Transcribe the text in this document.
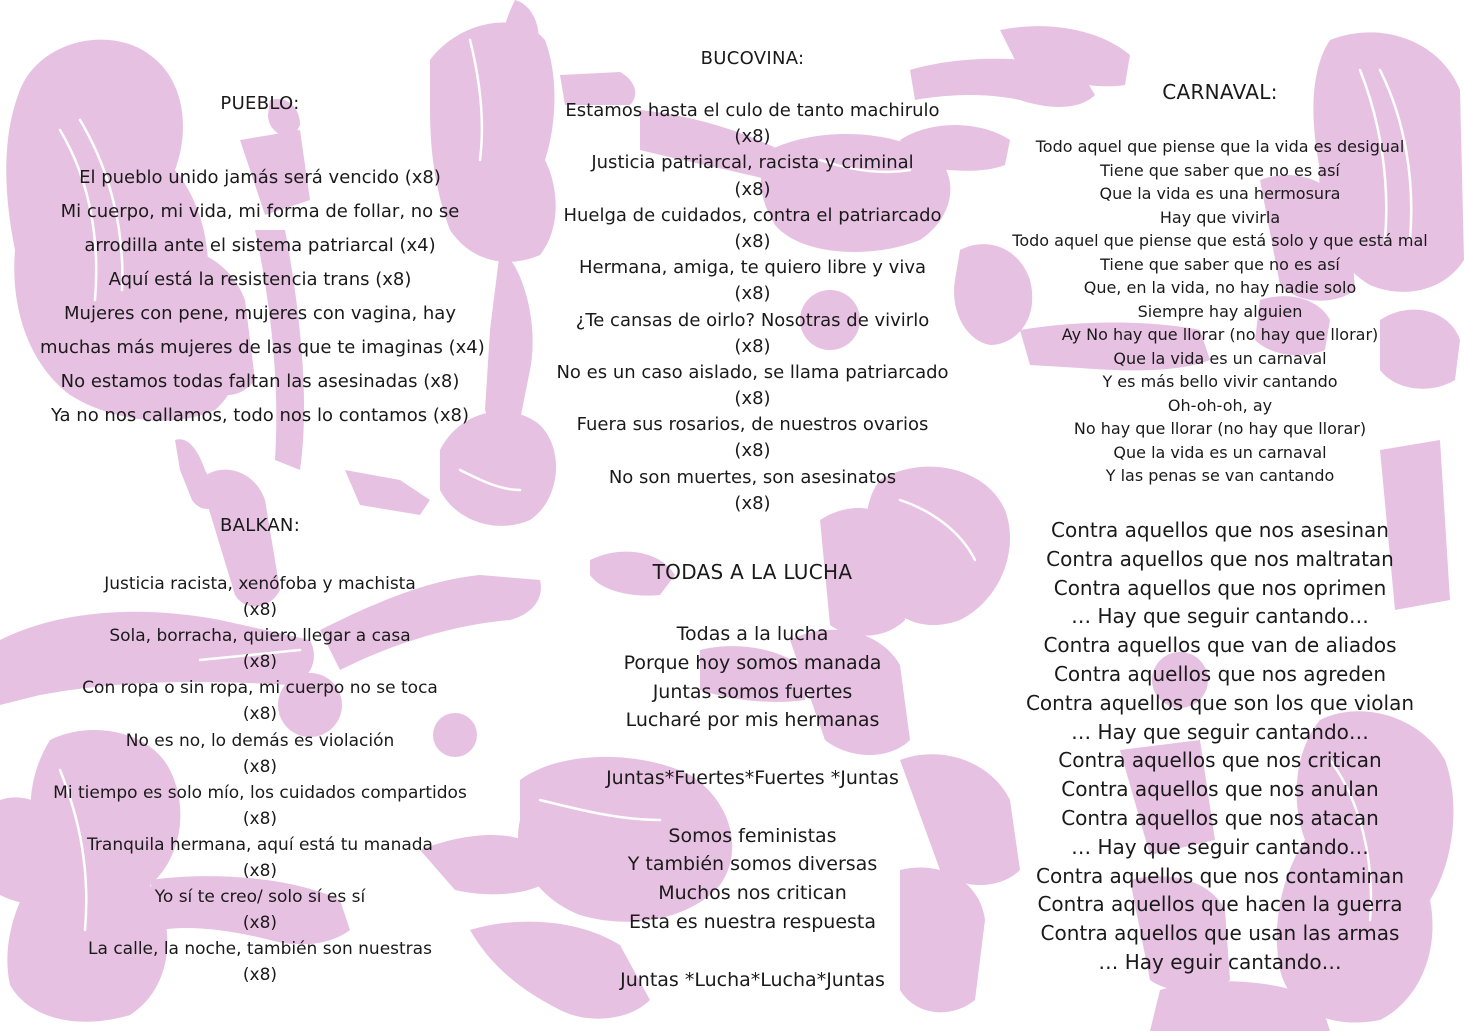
PUEBLO:
El pueblo unido jamás será vencido (x8)
Mi cuerpo, mi vida, mi forma de follar, no se
arrodilla ante el sistema patriarcal (x4)
Aquí está la resistencia trans (x8)
Mujeres con pene, mujeres con vagina, hay
muchas más mujeres de las que te imaginas (x4)
No estamos todas faltan las asesinadas (x8)
Ya no nos callamos, todo nos lo contamos (x8)
BALKAN:
Justicia racista, xenófoba y machista
(x8)
Sola, borracha, quiero llegar a casa
(x8)
Con ropa o sin ropa, mi cuerpo no se toca
(x8)
No es no, lo demás es violación
(x8)
Mi tiempo es solo mío, los cuidados compartidos
(x8)
Tranquila hermana, aquí está tu manada
(x8)
Yo sí te creo/ solo sí es sí
(x8)
La calle, la noche, también son nuestras
(x8)
BUCOVINA:
Estamos hasta el culo de tanto machirulo
(x8)
Justicia patriarcal, racista y criminal
(x8)
Huelga de cuidados, contra el patriarcado
(x8)
Hermana, amiga, te quiero libre y viva
(x8)
¿Te cansas de oirlo? Nosotras de vivirlo
(x8)
No es un caso aislado, se llama patriarcado
(x8)
Fuera sus rosarios, de nuestros ovarios
(x8)
No son muertes, son asesinatos
(x8)
TODAS A LA LUCHA
Todas a la lucha
Porque hoy somos manada
Juntas somos fuertes
Lucharé por mis hermanas
Juntas*Fuertes*Fuertes *Juntas
Somos feministas
Y también somos diversas
Muchos nos critican
Esta es nuestra respuesta
Juntas *Lucha*Lucha*Juntas
CARNAVAL:
Todo aquel que piense que la vida es desigual
Tiene que saber que no es así
Que la vida es una hermosura
Hay que vivirla
Todo aquel que piense que está solo y que está mal
Tiene que saber que no es así
Que, en la vida, no hay nadie solo
Siempre hay alguien
Ay No hay que llorar (no hay que llorar)
Que la vida es un carnaval
Y es más bello vivir cantando
Oh-oh-oh, ay
No hay que llorar (no hay que llorar)
Que la vida es un carnaval
Y las penas se van cantando
Contra aquellos que nos asesinan
Contra aquellos que nos maltratan
Contra aquellos que nos oprimen
… Hay que seguir cantando…
Contra aquellos que van de aliados
Contra aquellos que nos agreden
Contra aquellos que son los que violan
… Hay que seguir cantando…
Contra aquellos que nos critican
Contra aquellos que nos anulan
Contra aquellos que nos atacan
… Hay que seguir cantando…
Contra aquellos que nos contaminan
Contra aquellos que hacen la guerra
Contra aquellos que usan las armas
… Hay eguir cantando…
